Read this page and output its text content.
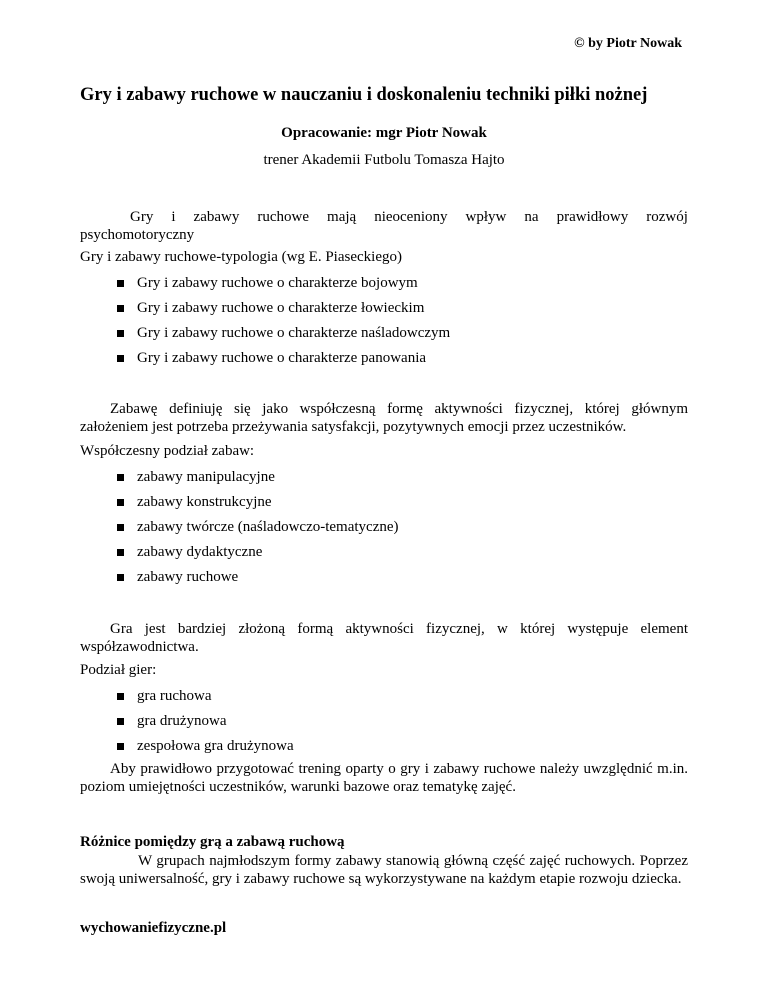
© by Piotr Nowak
Gry i zabawy ruchowe w nauczaniu i doskonaleniu techniki piłki nożnej
Opracowanie: mgr Piotr Nowak
trener Akademii Futbolu Tomasza Hajto
Gry i zabawy ruchowe mają nieoceniony wpływ na prawidłowy rozwój
psychomotoryczny
Gry i zabawy ruchowe-typologia (wg E. Piaseckiego)
Gry i zabawy ruchowe o charakterze bojowym
Gry i zabawy ruchowe o charakterze łowieckim
Gry i zabawy ruchowe o charakterze naśladowczym
Gry i zabawy ruchowe o charakterze panowania
Zabawę definiuję się jako współczesną formę aktywności fizycznej, której głównym założeniem jest potrzeba przeżywania satysfakcji, pozytywnych emocji przez uczestników.
Współczesny podział zabaw:
zabawy manipulacyjne
zabawy konstrukcyjne
zabawy twórcze (naśladowczo-tematyczne)
zabawy dydaktyczne
zabawy ruchowe
Gra jest bardziej złożoną formą aktywności fizycznej, w której występuje element współzawodnictwa.
Podział gier:
gra ruchowa
gra drużynowa
zespołowa gra drużynowa
Aby prawidłowo przygotować trening oparty o gry i zabawy ruchowe należy uwzględnić m.in. poziom umiejętności uczestników, warunki bazowe oraz tematykę zajęć.
Różnice pomiędzy grą a zabawą ruchową
W grupach najmłodszym formy zabawy stanowią główną część zajęć ruchowych. Poprzez swoją uniwersalność, gry i zabawy ruchowe są wykorzystywane na każdym etapie rozwoju dziecka.
wychowaniefizyczne.pl
